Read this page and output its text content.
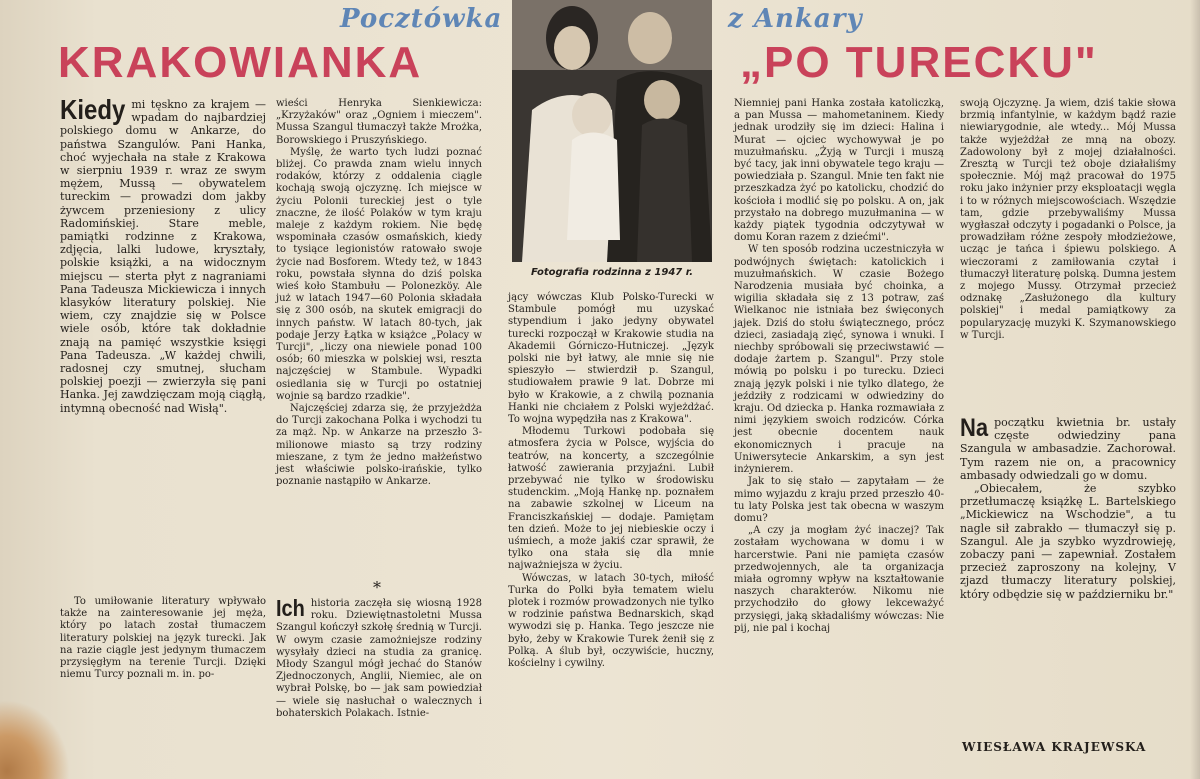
Pocztówka	z Ankary
KRAKOWIANKA	„PO TURECKU"
Fotografia rodzinna z 1947 r.

Kiedy mi tęskno za krajem — wpadam do najbardziej polskiego domu w Ankarze, do państwa Szangulów. Pani Hanka, choć wyjechała na stałe z Krakowa w sierpniu 1939 r. wraz ze swym mężem, Mussą — obywatelem tureckim — prowadzi dom jakby żywcem przeniesiony z ulicy Radomińskiej. Stare meble, pamiątki rodzinne z Krakowa, zdjęcia, lalki ludowe, kryształy, polskie książki, a na widocznym miejscu — sterta płyt z nagraniami Pana Tadeusza Mickiewicza i innych klasyków literatury polskiej. Nie wiem, czy znajdzie się w Polsce wiele osób, które tak dokładnie znają na pamięć wszystkie księgi Pana Tadeusza. „W każdej chwili, radosnej czy smutnej, słucham polskiej poezji — zwierzyła się pani Hanka. Jej zawdzięczam moją ciągłą, intymną obecność nad Wisłą".

To umiłowanie literatury wpływało także na zainteresowanie jej męża, który po latach został tłumaczem literatury polskiej na język turecki. Jak na razie ciągle jest jedynym tłumaczem przysięgłym na terenie Turcji. Dzięki niemu Turcy poznali m. in. po-

wieści Henryka Sienkiewicza: „Krzyżaków" oraz „Ogniem i mieczem". Mussa Szangul tłumaczył także Mrożka, Borowskiego i Pruszyńskiego.

Myślę, że warto tych ludzi poznać bliżej. Co prawda znam wielu innych rodaków, którzy z oddalenia ciągle kochają swoją ojczyznę. Ich miejsce w życiu Polonii tureckiej jest o tyle znaczne, że ilość Polaków w tym kraju maleje z każdym rokiem. Nie będę wspominała czasów osmańskich, kiedy to tysiące legionistów ratowało swoje życie nad Bosforem. Wtedy też, w 1843 roku, powstała słynna do dziś polska wieś koło Stambułu — Polonezköy. Ale już w latach 1947—60 Polonia składała się z 300 osób, na skutek emigracji do innych państw. W latach 80-tych, jak podaje Jerzy Łątka w książce „Polacy w Turcji", „liczy ona niewiele ponad 100 osób; 60 mieszka w polskiej wsi, reszta najczęściej w Stambule. Wypadki osiedlania się w Turcji po ostatniej wojnie są bardzo rzadkie".

Najczęściej zdarza się, że przyjeżdża do Turcji zakochana Polka i wychodzi tu za mąż. Np. w Ankarze na przeszło 3-milionowe miasto są trzy rodziny mieszane, z tym że jedno małżeństwo jest właściwie polsko-irańskie, tylko poznanie nastąpiło w Ankarze.

*

Ich historia zaczęła się wiosną 1928 roku. Dziewiętnastoletni Mussa Szangul kończył szkołę średnią w Turcji. W owym czasie zamożniejsze rodziny wysyłały dzieci na studia za granicę. Młody Szangul mógł jechać do Stanów Zjednoczonych, Anglii, Niemiec, ale on wybrał Polskę, bo — jak sam powiedział — wiele się nasłuchał o walecznych i bohaterskich Polakach. Istnie-

jący wówczas Klub Polsko-Turecki w Stambule pomógł mu uzyskać stypendium i jako jedyny obywatel turecki rozpoczął w Krakowie studia na Akademii Górniczo-Hutniczej. „Język polski nie był łatwy, ale mnie się nie spieszyło — stwierdził p. Szangul, studiowałem prawie 9 lat. Dobrze mi było w Krakowie, a z chwilą poznania Hanki nie chciałem z Polski wyjeżdżać. To wojna wypędziła nas z Krakowa".

Młodemu Turkowi podobała się atmosfera życia w Polsce, wyjścia do teatrów, na koncerty, a szczególnie łatwość zawierania przyjaźni. Lubił przebywać nie tylko w środowisku studenckim. „Moją Hankę np. poznałem na zabawie szkolnej w Liceum na Franciszkańskiej — dodaje. Pamiętam ten dzień. Może to jej niebieskie oczy i uśmiech, a może jakiś czar sprawił, że tylko ona stała się dla mnie najważniejsza w życiu.

Wówczas, w latach 30-tych, miłość Turka do Polki była tematem wielu plotek i rozmów prowadzonych nie tylko w rodzinie państwa Bednarskich, skąd wywodzi się p. Hanka. Tego jeszcze nie było, żeby w Krakowie Turek żenił się z Polką. A ślub był, oczywiście, huczny, kościelny i cywilny.

Niemniej pani Hanka została katoliczką, a pan Mussa — mahometaninem. Kiedy jednak urodziły się im dzieci: Halina i Murat — ojciec wychowywał je po muzułmańsku. „Żyją w Turcji i muszą być tacy, jak inni obywatele tego kraju — powiedziała p. Szangul. Mnie ten fakt nie przeszkadza żyć po katolicku, chodzić do kościoła i modlić się po polsku. A on, jak przystało na dobrego muzułmanina — w każdy piątek tygodnia odczytywał w domu Koran razem z dziećmi".

W ten sposób rodzina uczestniczyła w podwójnych świętach: katolickich i muzułmańskich. W czasie Bożego Narodzenia musiała być choinka, a wigilia składała się z 13 potraw, zaś Wielkanoc nie istniała bez święconych jajek. Dziś do stołu świątecznego, prócz dzieci, zasiadają zięć, synowa i wnuki. I niechby spróbowali się przeciwstawić — dodaje żartem p. Szangul". Przy stole mówią po polsku i po turecku. Dzieci znają język polski i nie tylko dlatego, że jeździły z rodzicami w odwiedziny do kraju. Od dziecka p. Hanka rozmawiała z nimi językiem swoich rodziców. Córka jest obecnie docentem nauk ekonomicznych i pracuje na Uniwersytecie Ankarskim, a syn jest inżynierem.

Jak to się stało — zapytałam — że mimo wyjazdu z kraju przed przeszło 40-tu laty Polska jest tak obecna w waszym domu?

„A czy ja mogłam żyć inaczej? Tak zostałam wychowana w domu i w harcerstwie. Pani nie pamięta czasów przedwojennych, ale ta organizacja miała ogromny wpływ na kształtowanie naszych charakterów. Nikomu nie przychodziło do głowy lekceważyć przysięgi, jaką składaliśmy wówczas: Nie pij, nie pal i kochaj

swoją Ojczyznę. Ja wiem, dziś takie słowa brzmią infantylnie, w każdym bądź razie niewiarygodnie, ale wtedy... Mój Mussa także wyjeżdżał ze mną na obozy. Zadowolony był z mojej działalności. Zresztą w Turcji też oboje działaliśmy społecznie. Mój mąż pracował do 1975 roku jako inżynier przy eksploatacji węgla i to w różnych miejscowościach. Wszędzie tam, gdzie przebywaliśmy Mussa wygłaszał odczyty i pogadanki o Polsce, ja prowadziłam różne zespoły młodzieżowe, ucząc je tańca i śpiewu polskiego. A wieczorami z zamiłowania czytał i tłumaczył literaturę polską. Dumna jestem z mojego Mussy. Otrzymał przecież odznakę „Zasłużonego dla kultury polskiej" i medal pamiątkowy za popularyzację muzyki K. Szymanowskiego w Turcji.

Na początku kwietnia br. ustały częste odwiedziny pana Szangula w ambasadzie. Zachorował. Tym razem nie on, a pracownicy ambasady odwiedzali go w domu.

„Obiecałem, że szybko przetłumaczę książkę L. Bartelskiego „Mickiewicz na Wschodzie", a tu nagle sił zabrakło — tłumaczył się p. Szangul. Ale ja szybko wyzdrowieję, zobaczy pani — zapewniał. Zostałem przecież zaproszony na kolejny, V zjazd tłumaczy literatury polskiej, który odbędzie się w październiku br."

WIESŁAWA KRAJEWSKA
